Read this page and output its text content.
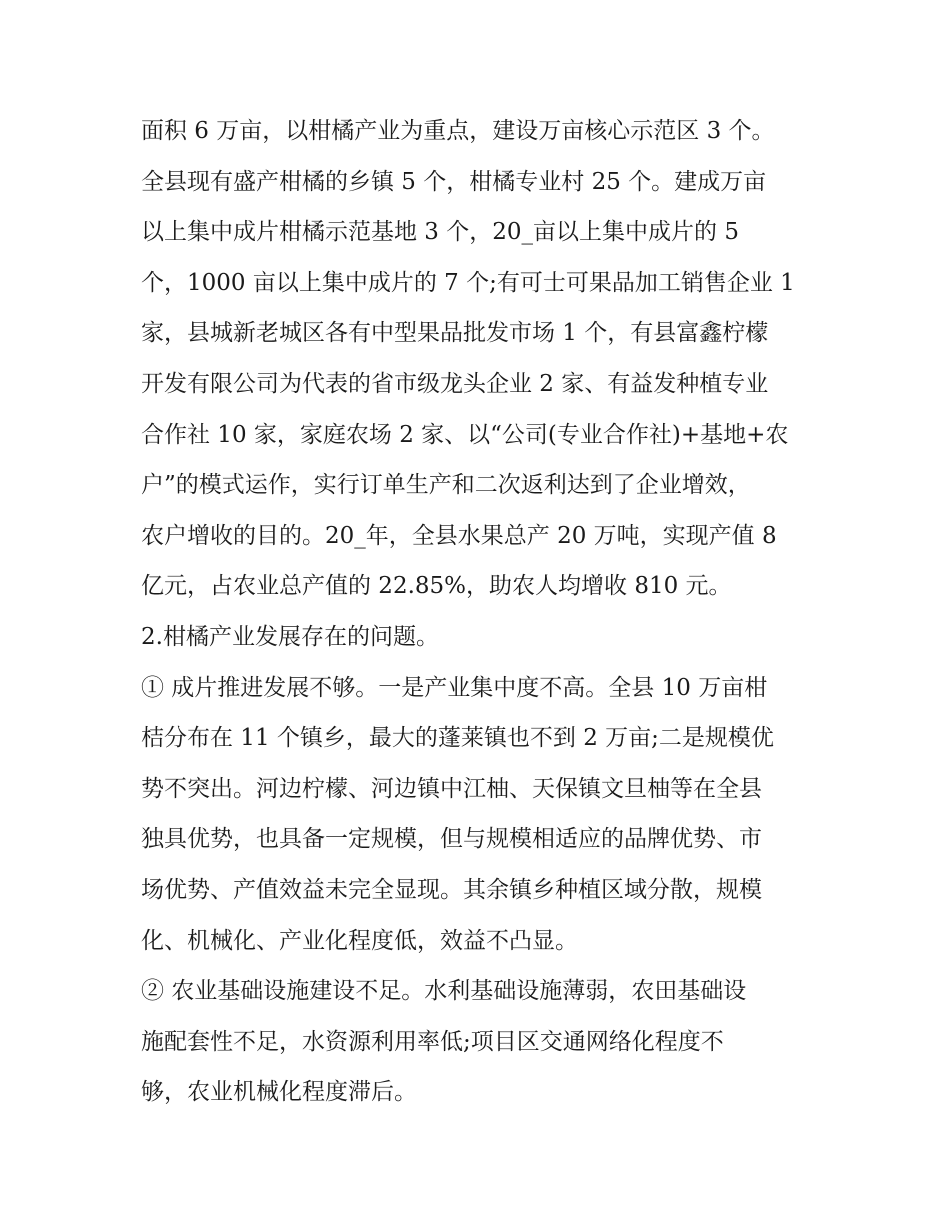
面积 6 万亩，以柑橘产业为重点，建设万亩核心示范区 3 个。
全县现有盛产柑橘的乡镇 5 个，柑橘专业村 25 个。建成万亩
以上集中成片柑橘示范基地 3 个，20_亩以上集中成片的 5
个，1000 亩以上集中成片的 7 个;有可士可果品加工销售企业 1
家，县城新老城区各有中型果品批发市场 1 个，有县富鑫柠檬
开发有限公司为代表的省市级龙头企业 2 家、有益发种植专业
合作社 10 家，家庭农场 2 家、以“公司(专业合作社)+基地+农
户”的模式运作，实行订单生产和二次返利达到了企业增效，
农户增收的目的。20_年，全县水果总产 20 万吨，实现产值 8
亿元，占农业总产值的 22.85%，助农人均增收 810 元。
2.柑橘产业发展存在的问题。
① 成片推进发展不够。一是产业集中度不高。全县 10 万亩柑
桔分布在 11 个镇乡，最大的蓬莱镇也不到 2 万亩;二是规模优
势不突出。河边柠檬、河边镇中江柚、天保镇文旦柚等在全县
独具优势，也具备一定规模，但与规模相适应的品牌优势、市
场优势、产值效益未完全显现。其余镇乡种植区域分散，规模
化、机械化、产业化程度低，效益不凸显。
② 农业基础设施建设不足。水利基础设施薄弱，农田基础设
施配套性不足，水资源利用率低;项目区交通网络化程度不
够，农业机械化程度滞后。
